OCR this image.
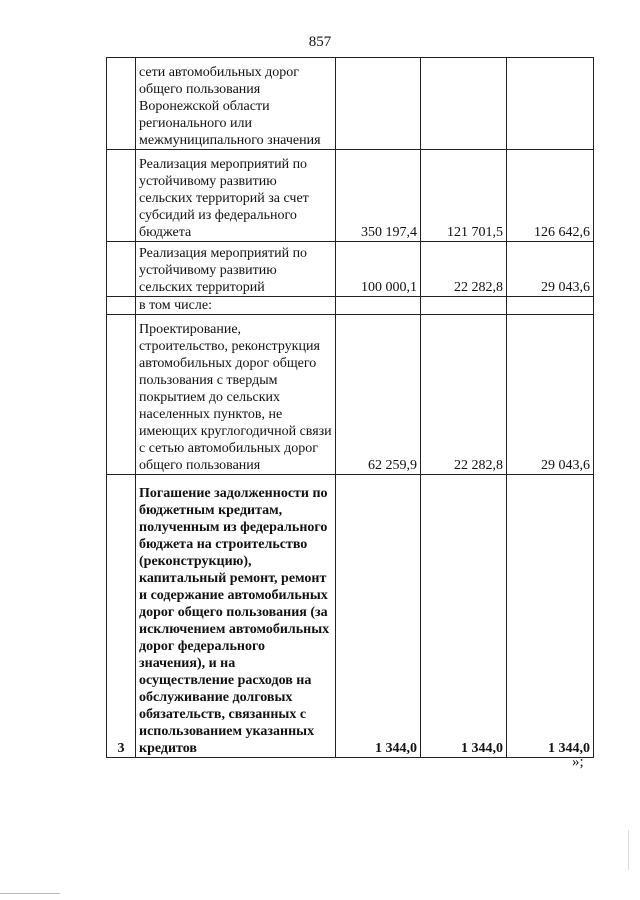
857
	сети автомобильных дорог общего пользования Воронежской области регионального или межмуниципального значения			
	Реализация мероприятий по устойчивому развитию сельских территорий за счет субсидий из федерального бюджета	350 197,4	121 701,5	126 642,6
	Реализация мероприятий по устойчивому развитию сельских территорий	100 000,1	22 282,8	29 043,6
	в том числе:			
	Проектирование, строительство, реконструкция автомобильных дорог общего пользования с твердым покрытием до сельских населенных пунктов, не имеющих круглогодичной связи с сетью автомобильных дорог общего пользования	62 259,9	22 282,8	29 043,6
3	Погашение задолженности по бюджетным кредитам, полученным из федерального бюджета на строительство (реконструкцию), капитальный ремонт, ремонт и содержание автомобильных дорог общего пользования (за исключением автомобильных дорог федерального значения), и на осуществление расходов на обслуживание долговых обязательств, связанных с использованием указанных кредитов	1 344,0	1 344,0	1 344,0
»;
